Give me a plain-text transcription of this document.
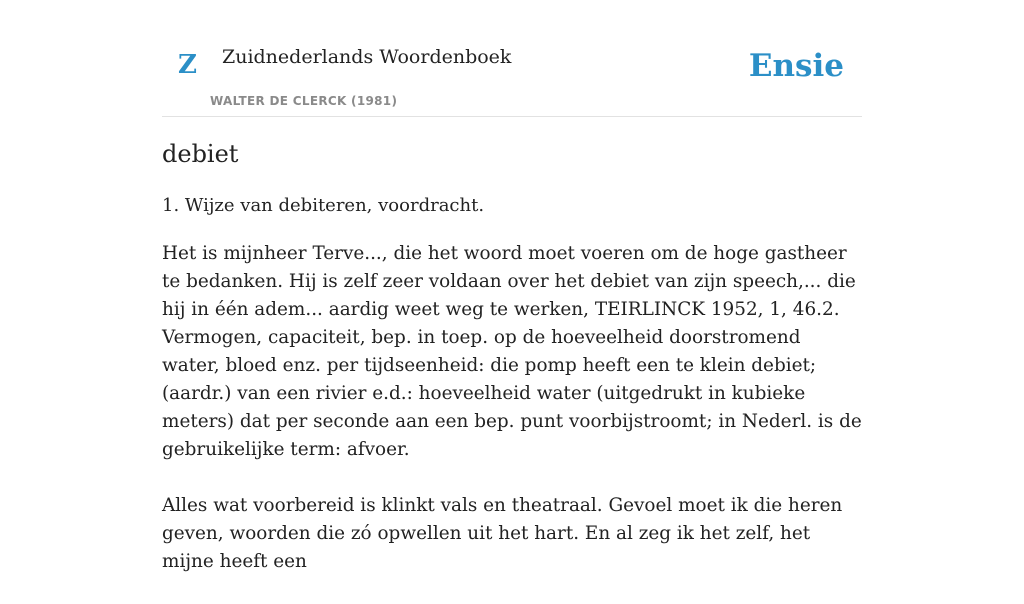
Z Zuidnederlands Woordenboek
WALTER DE CLERCK (1981)
Ensie
debiet

1. Wijze van debiteren, voordracht.

Het is mijnheer Terve..., die het woord moet voeren om de hoge gastheer te bedanken. Hij is zelf zeer voldaan over het debiet van zijn speech,... die hij in één adem... aardig weet weg te werken, TEIRLINCK 1952, 1, 46.2. Vermogen, capaciteit, bep. in toep. op de hoeveelheid doorstromend water, bloed enz. per tijdseenheid: die pomp heeft een te klein debiet; (aardr.) van een rivier e.d.: hoeveelheid water (uitgedrukt in kubieke meters) dat per seconde aan een bep. punt voorbijstroomt; in Nederl. is de gebruikelijke term: afvoer.

Alles wat voorbereid is klinkt vals en theatraal. Gevoel moet ik die heren geven, woorden die zó opwellen uit het hart. En al zeg ik het zelf, het mijne heeft een
